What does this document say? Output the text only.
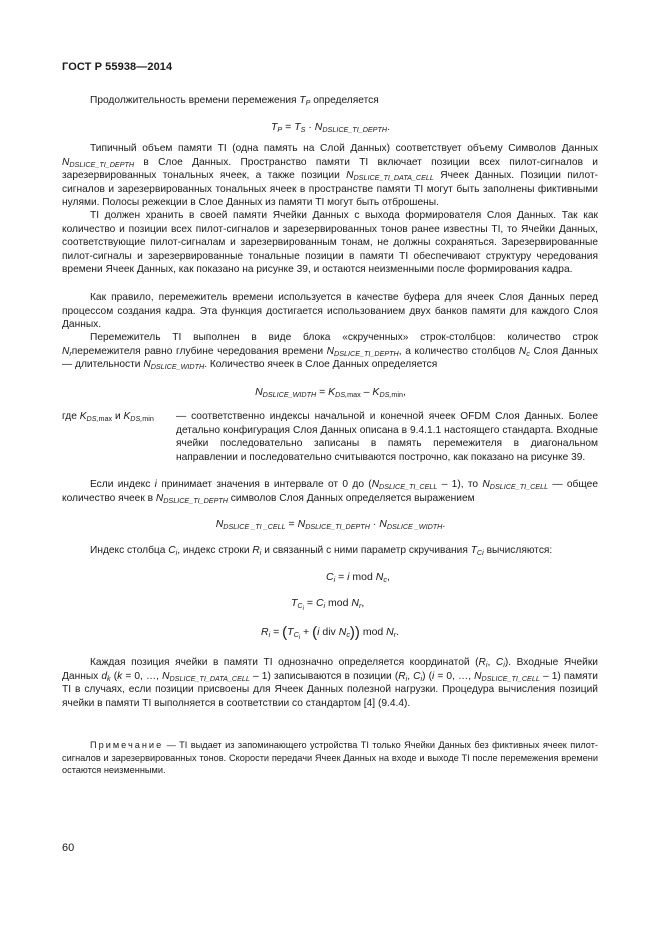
ГОСТ Р 55938—2014
Продолжительность времени перемежения TP определяется
TP = TS · NDSLICE_TI_DEPTH.
Типичный объем памяти TI (одна память на Слой Данных) соответствует объему Символов Данных NDSLICE_TI_DEPTH в Слое Данных. Пространство памяти TI включает позиции всех пилот-сигналов и зарезервированных тональных ячеек, а также позиции NDSLICE_TI_DATA_CELL Ячеек Данных. Позиции пилот-сигналов и зарезервированных тональных ячеек в пространстве памяти TI могут быть заполнены фиктивными нулями. Полосы режекции в Слое Данных из памяти TI могут быть отброшены.
TI должен хранить в своей памяти Ячейки Данных с выхода формирователя Слоя Данных. Так как количество и позиции всех пилот-сигналов и зарезервированных тонов ранее известны TI, то Ячейки Данных, соответствующие пилот-сигналам и зарезервированным тонам, не должны сохраняться. Зарезервированные пилот-сигналы и зарезервированные тональные позиции в памяти TI обеспечивают структуру чередования времени Ячеек Данных, как показано на рисунке 39, и остаются неизменными после формирования кадра.
Как правило, перемежитель времени используется в качестве буфера для ячеек Слоя Данных перед процессом создания кадра. Эта функция достигается использованием двух банков памяти для каждого Слоя Данных.
Перемежитель TI выполнен в виде блока «скрученных» строк-столбцов: количество строк Nrперемежителя равно глубине чередования времени NDSLICE_TI_DEPTH, а количество столбцов Nc Слоя Данных — длительности NDSLICE_WIDTH. Количество ячеек в Слое Данных определяется
NDSLICE_WIDTH = KDS,max – KDS,min,
где KDS,max и KDS,min	— соответственно индексы начальной и конечной ячеек OFDM Слоя Данных. Более детально конфигурация Слоя Данных описана в 9.4.1.1 настоящего стандарта. Входные ячейки последовательно записаны в память перемежителя в диагональном направлении и последовательно считываются построчно, как показано на рисунке 39.
Если индекс i принимает значения в интервале от 0 до (NDSLICE_TI_CELL – 1), то NDSLICE_TI_CELL — общее количество ячеек в NDSLICE_TI_DEPTH символов Слоя Данных определяется выражением
NDSLICE _TI _CELL = NDSLICE_TI_DEPTH · NDSLICE _WIDTH.
Индекс столбца Ci, индекс строки Ri и связанный с ними параметр скручивания TCi вычисляются:
Ci = i mod Nc,
$TC_i = Ci$ mod Nr,
$Ri = (TC_i + (i$ div Nc)) mod Nr.
Каждая позиция ячейки в памяти TI однозначно определяется координатой (Ri, Ci). Входные Ячейки Данных dk (k = 0, …, NDSLICE_TI_DATA_CELL – 1) записываются в позиции (Ri, Ci) (i = 0, …, NDSLICE_TI_CELL – 1) памяти TI в случаях, если позиции присвоены для Ячеек Данных полезной нагрузки. Процедура вычисления позиций ячейки в памяти TI выполняется в соответствии со стандартом [4] (9.4.4).
Примечание — TI выдает из запоминающего устройства TI только Ячейки Данных без фиктивных ячеек пилот-сигналов и зарезервированных тонов. Скорости передачи Ячеек Данных на входе и выходе TI после перемежения времени остаются неизменными.
60
